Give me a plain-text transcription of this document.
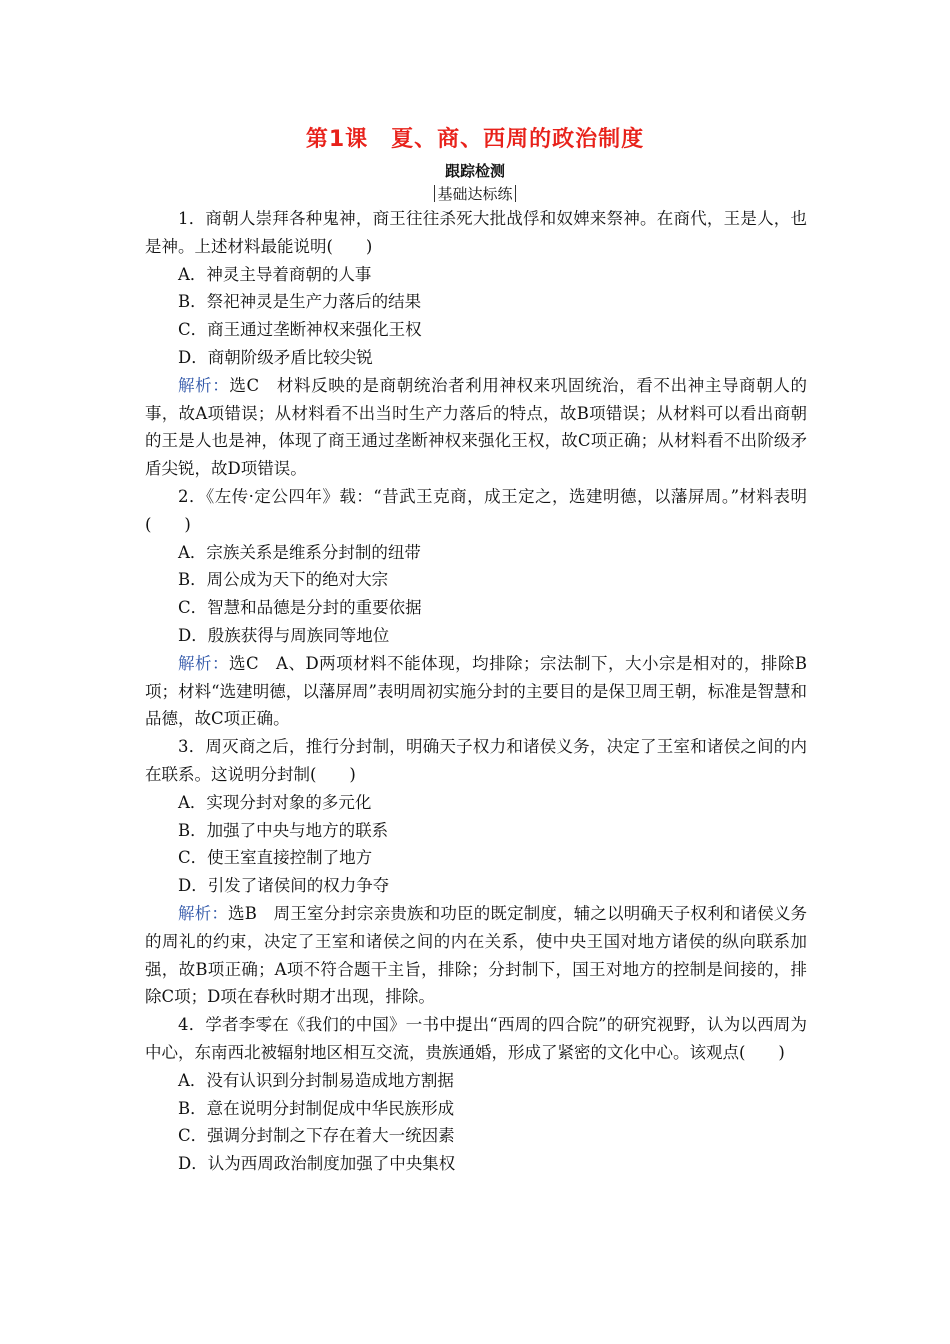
第1课　夏、商、西周的政治制度
跟踪检测
基础达标练

1．商朝人崇拜各种鬼神，商王往往杀死大批战俘和奴婢来祭神。在商代，王是人，也是神。上述材料最能说明(　　)

A．神灵主导着商朝的人事

B．祭祀神灵是生产力落后的结果

C．商王通过垄断神权来强化王权

D．商朝阶级矛盾比较尖锐

解析：选C　材料反映的是商朝统治者利用神权来巩固统治，看不出神主导商朝人的事，故A项错误；从材料看不出当时生产力落后的特点，故B项错误；从材料可以看出商朝的王是人也是神，体现了商王通过垄断神权来强化王权，故C项正确；从材料看不出阶级矛盾尖锐，故D项错误。

2．《左传·定公四年》载：“昔武王克商，成王定之，选建明德，以藩屏周。”材料表明(　　)

A．宗族关系是维系分封制的纽带

B．周公成为天下的绝对大宗

C．智慧和品德是分封的重要依据

D．殷族获得与周族同等地位

解析：选C　A、D两项材料不能体现，均排除；宗法制下，大小宗是相对的，排除B项；材料“选建明德，以藩屏周”表明周初实施分封的主要目的是保卫周王朝，标准是智慧和品德，故C项正确。

3．周灭商之后，推行分封制，明确天子权力和诸侯义务，决定了王室和诸侯之间的内在联系。这说明分封制(　　)

A．实现分封对象的多元化

B．加强了中央与地方的联系

C．使王室直接控制了地方

D．引发了诸侯间的权力争夺

解析：选B　周王室分封宗亲贵族和功臣的既定制度，辅之以明确天子权利和诸侯义务的周礼的约束，决定了王室和诸侯之间的内在关系，使中央王国对地方诸侯的纵向联系加强，故B项正确；A项不符合题干主旨，排除；分封制下，国王对地方的控制是间接的，排除C项；D项在春秋时期才出现，排除。

4．学者李零在《我们的中国》一书中提出“西周的四合院”的研究视野，认为以西周为中心，东南西北被辐射地区相互交流，贵族通婚，形成了紧密的文化中心。该观点(　　)

A．没有认识到分封制易造成地方割据

B．意在说明分封制促成中华民族形成

C．强调分封制之下存在着大一统因素

D．认为西周政治制度加强了中央集权
